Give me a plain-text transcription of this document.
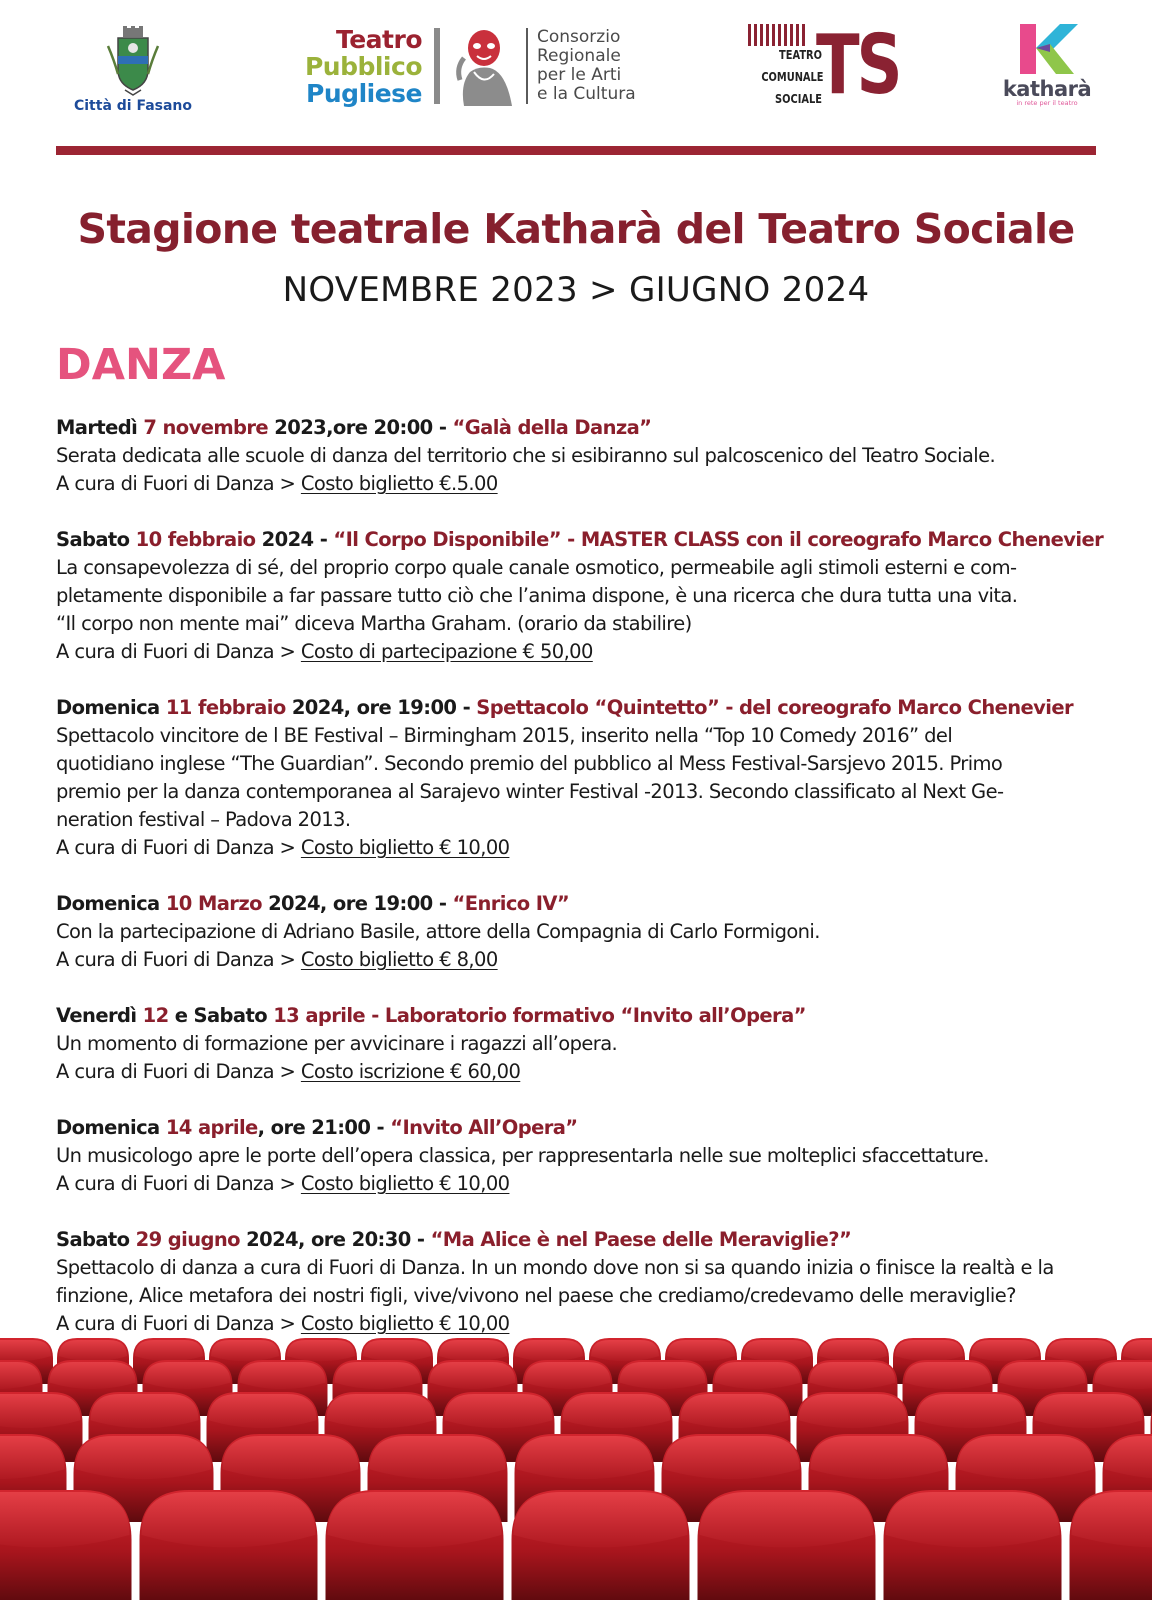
Città di Fasano
Teatro
Pubblico
Pugliese
Consorzio
Regionale
per le Arti
e la Cultura
TEATRO
COMUNALE
SOCIALE
TS	katharà
in rete per il teatro
Stagione teatrale Katharà del Teatro Sociale
NOVEMBRE 2023 > GIUGNO 2024
DANZA
Martedì 7 novembre 2023,ore 20:00 - “Galà della Danza”
Serata dedicata alle scuole di danza del territorio che si esibiranno sul palcoscenico del Teatro Sociale.
A cura di Fuori di Danza > Costo biglietto €.5.00
Sabato 10 febbraio 2024 - “Il Corpo Disponibile” - MASTER CLASS con il coreografo Marco Chenevier
La consapevolezza di sé, del proprio corpo quale canale osmotico, permeabile agli stimoli esterni e com-
pletamente disponibile a far passare tutto ciò che l’anima dispone, è una ricerca che dura tutta una vita.
“Il corpo non mente mai” diceva Martha Graham. (orario da stabilire)
A cura di Fuori di Danza > Costo di partecipazione € 50,00
Domenica 11 febbraio 2024, ore 19:00 - Spettacolo “Quintetto” - del coreografo Marco Chenevier
Spettacolo vincitore de l BE Festival – Birmingham 2015, inserito nella “Top 10 Comedy 2016” del
quotidiano inglese “The Guardian”. Secondo premio del pubblico al Mess Festival-Sarsjevo 2015. Primo
premio per la danza contemporanea al Sarajevo winter Festival -2013. Secondo classificato al Next Ge-
neration festival – Padova 2013.
A cura di Fuori di Danza > Costo biglietto € 10,00
Domenica 10 Marzo 2024, ore 19:00 - “Enrico IV”
Con la partecipazione di Adriano Basile, attore della Compagnia di Carlo Formigoni.
A cura di Fuori di Danza > Costo biglietto € 8,00
Venerdì 12 e Sabato 13 aprile - Laboratorio formativo “Invito all’Opera”
Un momento di formazione per avvicinare i ragazzi all’opera.
A cura di Fuori di Danza > Costo iscrizione € 60,00
Domenica 14 aprile, ore 21:00 - “Invito All’Opera”
Un musicologo apre le porte dell’opera classica, per rappresentarla nelle sue molteplici sfaccettature.
A cura di Fuori di Danza > Costo biglietto € 10,00
Sabato 29 giugno 2024, ore 20:30 - “Ma Alice è nel Paese delle Meraviglie?”
Spettacolo di danza a cura di Fuori di Danza. In un mondo dove non si sa quando inizia o finisce la realtà e la
finzione, Alice metafora dei nostri figli, vive/vivono nel paese che crediamo/credevamo delle meraviglie?
A cura di Fuori di Danza > Costo biglietto € 10,00
